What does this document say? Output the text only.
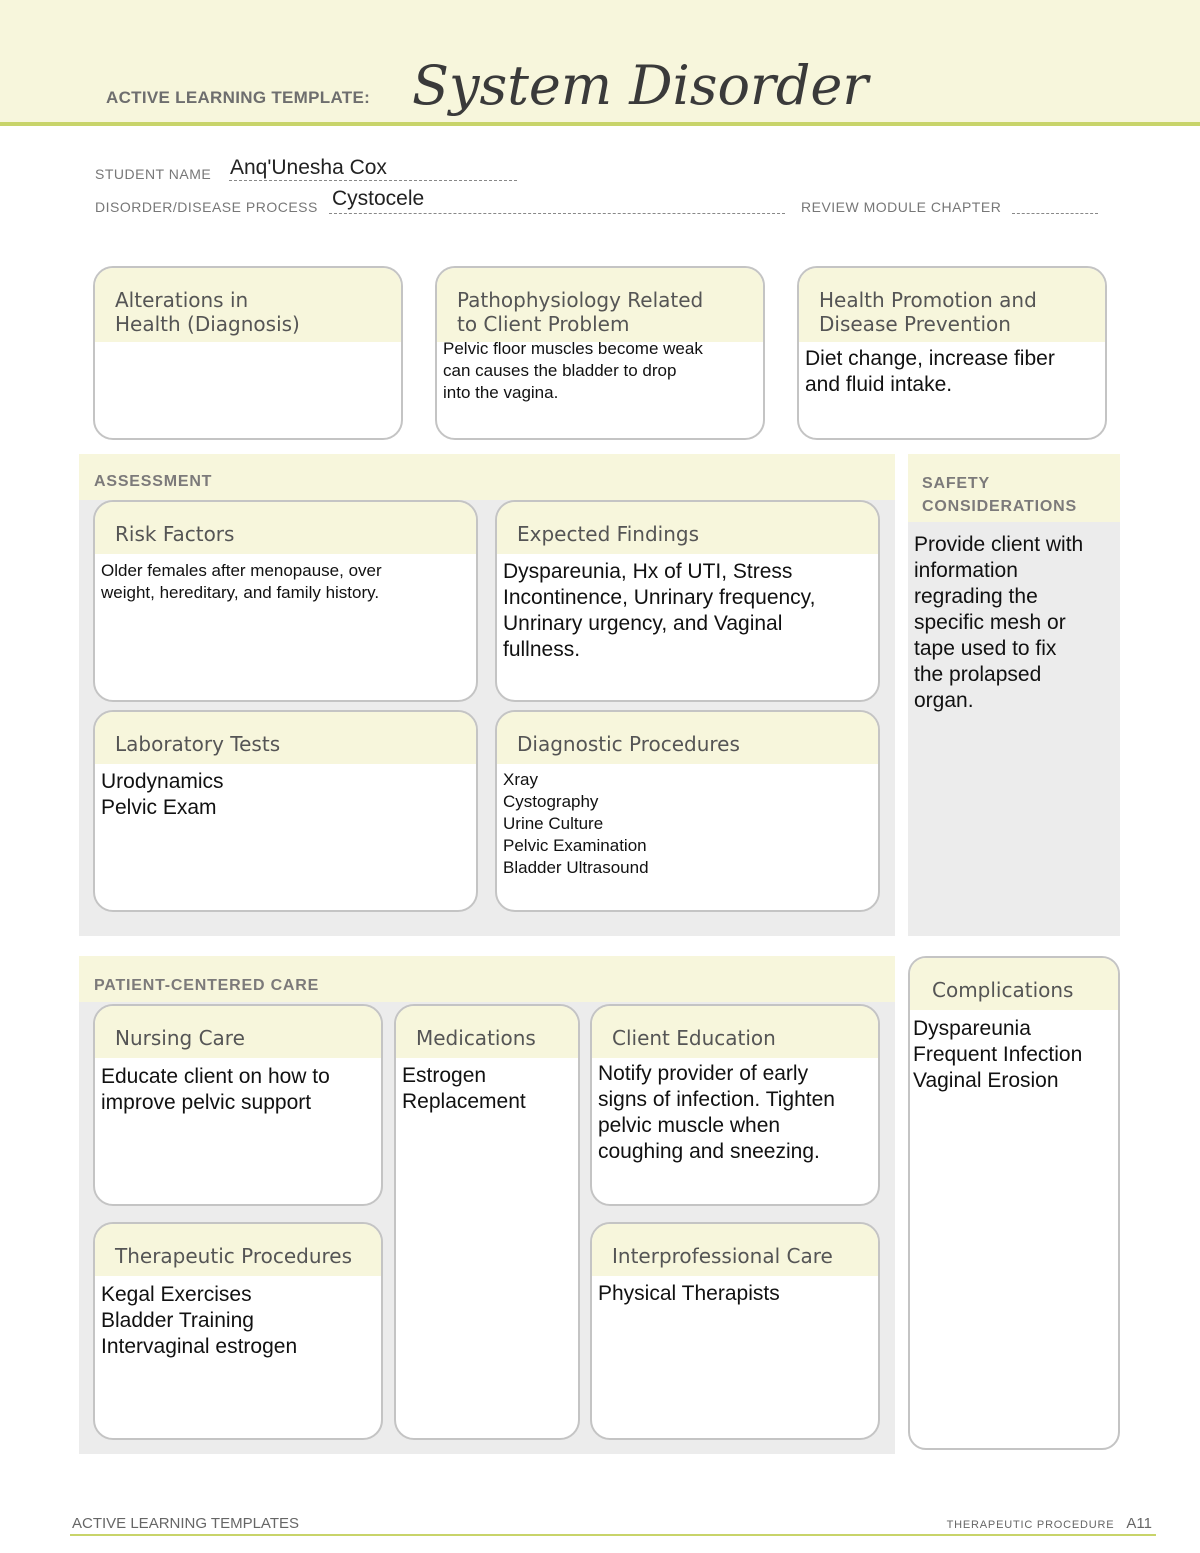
ACTIVE LEARNING TEMPLATE: System Disorder
STUDENT NAME Anq'Unesha Cox
DISORDER/DISEASE PROCESS Cystocele	REVIEW MODULE CHAPTER
Alterations in
Health (Diagnosis)
Pathophysiology Related
to Client Problem
Pelvic floor muscles become weak
can causes the bladder to drop
into the vagina.
Health Promotion and
Disease Prevention
Diet change, increase fiber
and fluid intake.
ASSESSMENT
Risk Factors
Older females after menopause, over
weight, hereditary, and family history.
Expected Findings
Dyspareunia, Hx of UTI, Stress
Incontinence, Unrinary frequency,
Unrinary urgency, and Vaginal
fullness.
Laboratory Tests
Urodynamics
Pelvic Exam
Diagnostic Procedures
Xray
Cystography
Urine Culture
Pelvic Examination
Bladder Ultrasound
SAFETY
CONSIDERATIONS
Provide client with
information
regrading the
specific mesh or
tape used to fix
the prolapsed
organ.
PATIENT-CENTERED CARE
Nursing Care
Educate client on how to
improve pelvic support
Medications
Estrogen
Replacement
Client Education
Notify provider of early
signs of infection. Tighten
pelvic muscle when
coughing and sneezing.
Therapeutic Procedures
Kegal Exercises
Bladder Training
Intervaginal estrogen
Interprofessional Care
Physical Therapists
Complications
Dyspareunia
Frequent Infection
Vaginal Erosion
ACTIVE LEARNING TEMPLATES	THERAPEUTIC PROCEDURE A11
